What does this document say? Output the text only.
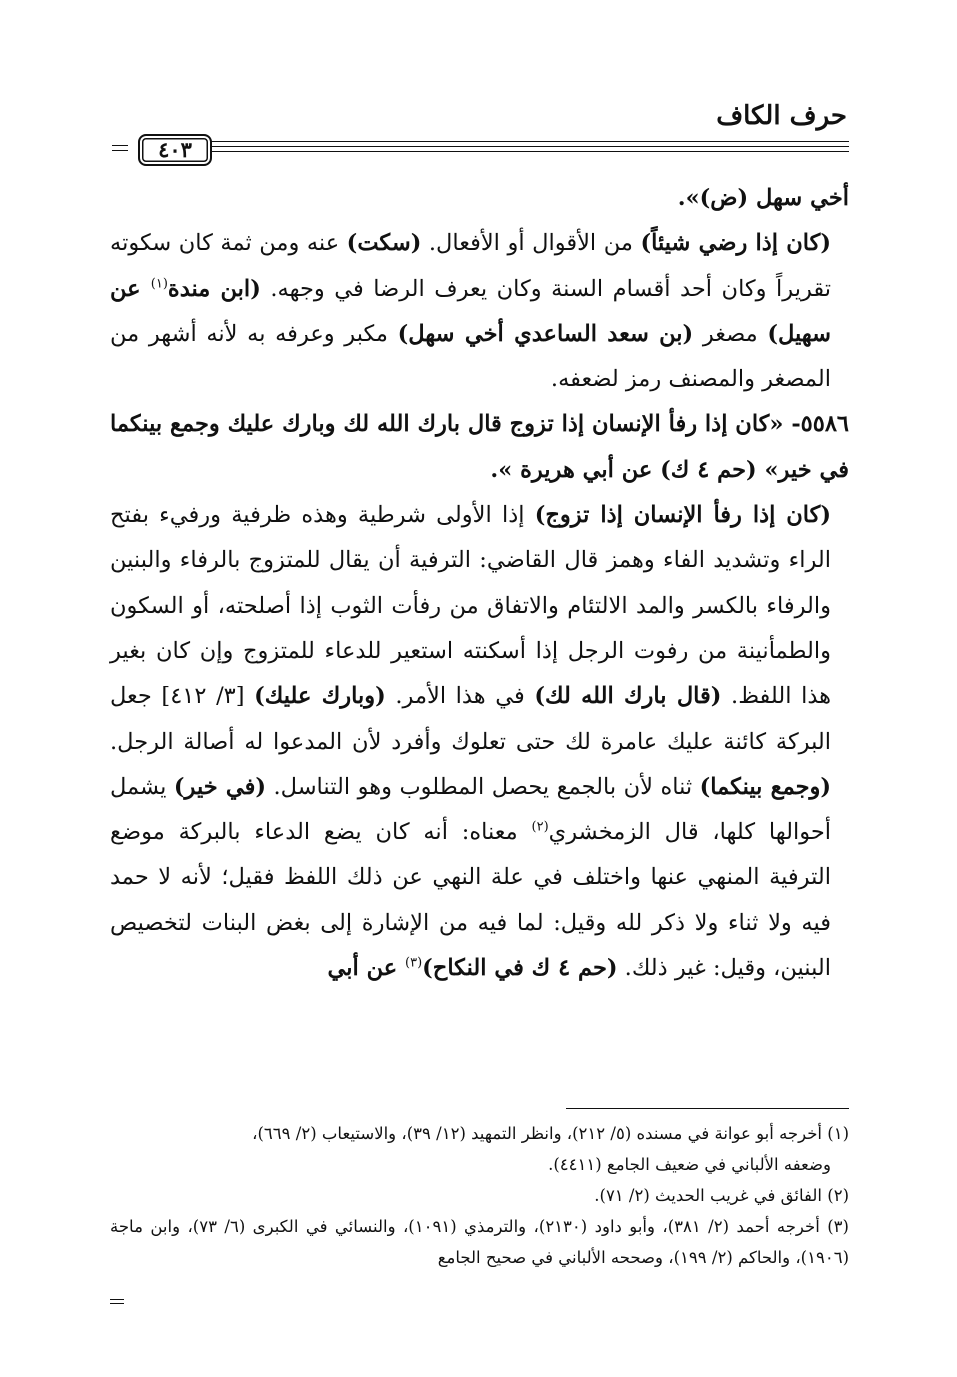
حرف الكاف
٤٠٣

أخي سهل (ض)».

(كان إذا رضي شيئاً) من الأقوال أو الأفعال. (سكت) عنه ومن ثمة كان سكوته تقريراً وكان أحد أقسام السنة وكان يعرف الرضا في وجهه. (ابن مندة$^{(١)}$ عن سهيل) مصغر (بن سعد الساعدي أخي سهل) مكبر وعرفه به لأنه أشهر من المصغر والمصنف رمز لضعفه.

٥٥٨٦- «كان إذا رفأ الإنسان إذا تزوج قال بارك الله لك وبارك عليك وجمع بينكما في خير» (حم ٤ ك) عن أبي هريرة ».

(كان إذا رفأ الإنسان إذا تزوج) إذا الأولى شرطية وهذه ظرفية ورفيء بفتح الراء وتشديد الفاء وهمز قال القاضي: الترفية أن يقال للمتزوج بالرفاء والبنين والرفاء بالكسر والمد الالتئام والاتفاق من رفأت الثوب إذا أصلحته، أو السكون والطمأنينة من رفوت الرجل إذا أسكنته استعير للدعاء للمتزوج وإن كان بغير هذا اللفظ. (قال بارك الله لك) في هذا الأمر. (وبارك عليك) [٣/ ٤١٢] جعل البركة كائنة عليك عامرة لك حتى تعلوك وأفرد لأن المدعوا له أصالة الرجل. (وجمع بينكما) ثناه لأن بالجمع يحصل المطلوب وهو التناسل. (في خير) يشمل أحوالها كلها، قال الزمخشري$^{(٢)}$ معناه: أنه كان يضع الدعاء بالبركة موضع الترفية المنهي عنها واختلف في علة النهي عن ذلك اللفظ فقيل؛ لأنه لا حمد فيه ولا ثناء ولا ذكر لله وقيل: لما فيه من الإشارة إلى بغض البنات لتخصيص البنين، وقيل: غير ذلك. (حم ٤ ك في النكاح)$^{(٣)}$ عن أبي

(١) أخرجه أبو عوانة في مسنده (٥/ ٢١٢)، وانظر التمهيد (١٢/ ٣٩)، والاستيعاب (٢/ ٦٦٩)،

وضعفه الألباني في ضعيف الجامع (٤٤١١).

(٢) الفائق في غريب الحديث (٢/ ٧١).

(٣) أخرجه أحمد (٢/ ٣٨١)، وأبو داود (٢١٣٠)، والترمذي (١٠٩١)، والنسائي في الكبرى (٦/ ٧٣)، وابن ماجة (١٩٠٦)، والحاكم (٢/ ١٩٩)، وصححه الألباني في صحيح الجامع
